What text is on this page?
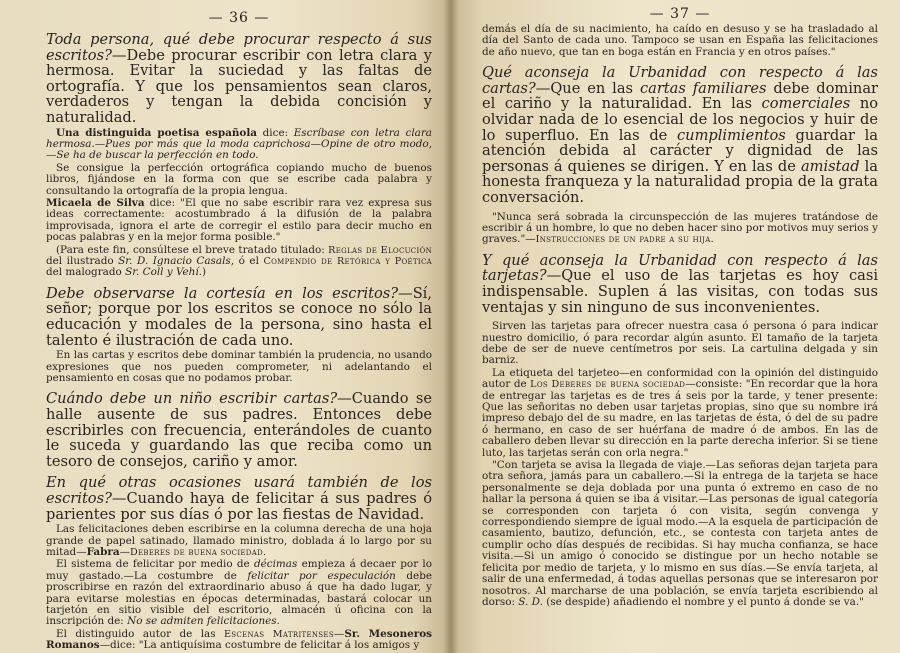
— 36 —

Toda persona, qué debe procurar respecto á sus escritos?—Debe procurar escribir con letra clara y hermosa. Evitar la suciedad y las faltas de ortografía. Y que los pensamientos sean claros, verdaderos y tengan la debida concisión y naturalidad.

Una distinguida poetisa española dice: Escríbase con letra clara hermosa.—Pues por más que la moda caprichosa—Opine de otro modo,—Se ha de buscar la perfección en todo.

Se consigue la perfección ortográfica copiando mucho de buenos libros, fijándose en la forma con que se escribe cada palabra y consultando la ortografía de la propia lengua.

Micaela de Silva dice: "El que no sabe escribir rara vez expresa sus ideas correctamente: acostumbrado á la difusión de la palabra improvisada, ignora el arte de corregir el estilo para decir mucho en pocas palabras y en la mejor forma posible."

(Para este fin, consúltese el breve tratado titulado: Reglas de Elocución del ilustrado Sr. D. Ignacio Casals, ó el Compendio de Retórica y Poética del malogrado Sr. Coll y Vehí.)

Debe observarse la cortesía en los escritos?—Sí, señor; porque por los escritos se conoce no sólo la educación y modales de la persona, sino hasta el talento é ilustración de cada uno.

En las cartas y escritos debe dominar también la prudencia, no usando expresiones que nos pueden comprometer, ni adelantando el pensamiento en cosas que no podamos probar.

Cuándo debe un niño escribir cartas?—Cuando se halle ausente de sus padres. Entonces debe escribirles con frecuencia, enterándoles de cuanto le suceda y guardando las que reciba como un tesoro de consejos, cariño y amor.

En qué otras ocasiones usará también de los escritos?—Cuando haya de felicitar á sus padres ó parientes por sus días ó por las fiestas de Navidad.

Las felicitaciones deben escribirse en la columna derecha de una hoja grande de papel satinado, llamado ministro, doblada á lo largo por su mitad—Fabra—Deberes de buena sociedad.

El sistema de felicitar por medio de décimas empieza á decaer por lo muy gastado.—La costumbre de felicitar por especulación debe proscribirse en razón del extraordinario abuso á que ha dado lugar, y para evitarse molestias en épocas determinadas, bastará colocar un tarjetón en sitio visible del escritorio, almacén ú oficina con la inscripción de: No se admiten felicitaciones.

El distinguido autor de las Escenas Matritenses—Sr. Mesoneros Romanos—dice: "La antiquísima costumbre de felicitar á los amigos y

— 37 —

demás el día de su nacimiento, ha caído en desuso y se ha trasladado al día del Santo de cada uno. Tampoco se usan en España las felicitaciones de año nuevo, que tan en boga están en Francia y en otros países."

Qué aconseja la Urbanidad con respecto á las cartas?—Que en las cartas familiares debe dominar el cariño y la naturalidad. En las comerciales no olvidar nada de lo esencial de los negocios y huir de lo superfluo. En las de cumplimientos guardar la atención debida al carácter y dignidad de las personas á quienes se dirigen. Y en las de amistad la honesta franqueza y la naturalidad propia de la grata conversación.

"Nunca será sobrada la circunspección de las mujeres tratándose de escribir á un hombre, lo que no deben hacer sino por motivos muy serios y graves."—Instrucciones de un padre a su hija.

Y qué aconseja la Urbanidad con respecto á las tarjetas?—Que el uso de las tarjetas es hoy casi indispensable. Suplen á las visitas, con todas sus ventajas y sin ninguno de sus inconvenientes.

Sirven las tarjetas para ofrecer nuestra casa ó persona ó para indicar nuestro domicilio, ó para recordar algún asunto. El tamaño de la tarjeta debe de ser de nueve centímetros por seis. La cartulina delgada y sin barniz.

La etiqueta del tarjeteo—en conformidad con la opinión del distinguido autor de Los Deberes de buena sociedad—consiste: "En recordar que la hora de entregar las tarjetas es de tres á seis por la tarde, y tener presente: Que las señoritas no deben usar tarjetas propias, sino que su nombre irá impreso debajo del de su madre, en las tarjetas de ésta, ó del de su padre ó hermano, en caso de ser huérfana de madre ó de ambos. En las de caballero deben llevar su dirección en la parte derecha inferior. Si se tiene luto, las tarjetas serán con orla negra."

"Con tarjeta se avisa la llegada de viaje.—Las señoras dejan tarjeta para otra señora, jamás para un caballero.—Si la entrega de la tarjeta se hace personalmente se deja doblada por una punta ó extremo en caso de no hallar la persona á quien se iba á visitar.—Las personas de igual categoría se corresponden con tarjeta ó con visita, según convenga y correspondiendo siempre de igual modo.—A la esquela de participación de casamiento, bautizo, defunción, etc., se contesta con tarjeta antes de cumplir ocho días después de recibidas. Si hay mucha confianza, se hace visita.—Si un amigo ó conocido se distingue por un hecho notable se felicita por medio de tarjeta, y lo mismo en sus días.—Se envía tarjeta, al salir de una enfermedad, á todas aquellas personas que se interesaron por nosotros. Al marcharse de una población, se envía tarjeta escribiendo al dorso: S. D. (se despide) añadiendo el nombre y el punto á donde se va."
